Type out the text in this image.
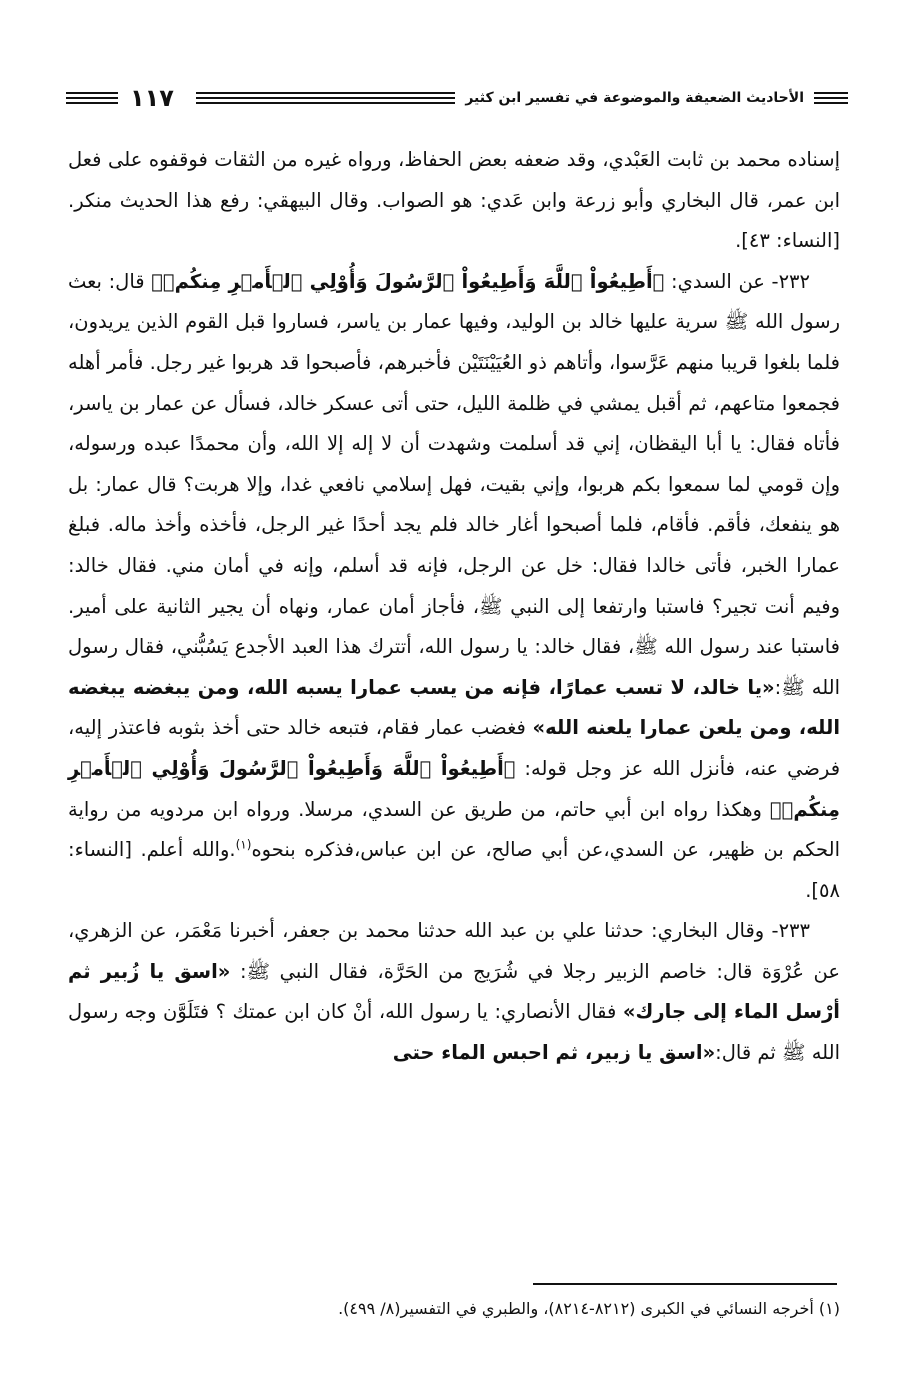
الأحاديث الضعيفة والموضوعة في تفسير ابن كثير
١١٧

إسناده محمد بن ثابت العَبْدي، وقد ضعفه بعض الحفاظ، ورواه غيره من الثقات فوقفوه على فعل ابن عمر، قال البخاري وأبو زرعة وابن عَدي: هو الصواب. وقال البيهقي: رفع هذا الحديث منكر. [النساء: ٤٣].

٢٣٢- عن السدي: ﴿أَطِيعُواْ ٱللَّهَ وَأَطِيعُواْ ٱلرَّسُولَ وَأُوْلِي ٱلۡأَمۡرِ مِنكُمۡ﴾ قال: بعث رسول الله ﷺ سرية عليها خالد بن الوليد، وفيها عمار بن ياسر، فساروا قبل القوم الذين يريدون، فلما بلغوا قريبا منهم عَرَّسوا، وأتاهم ذو العُيَيْنَتَيْن فأخبرهم، فأصبحوا قد هربوا غير رجل. فأمر أهله فجمعوا متاعهم، ثم أقبل يمشي في ظلمة الليل، حتى أتى عسكر خالد، فسأل عن عمار بن ياسر، فأتاه فقال: يا أبا اليقظان، إني قد أسلمت وشهدت أن لا إله إلا الله، وأن محمدًا عبده ورسوله، وإن قومي لما سمعوا بكم هربوا، وإني بقيت، فهل إسلامي نافعي غدا، وإلا هربت؟ قال عمار: بل هو ينفعك، فأقم. فأقام، فلما أصبحوا أغار خالد فلم يجد أحدًا غير الرجل، فأخذه وأخذ ماله. فبلغ عمارا الخبر، فأتى خالدا فقال: خل عن الرجل، فإنه قد أسلم، وإنه في أمان مني. فقال خالد: وفيم أنت تجير؟ فاستبا وارتفعا إلى النبي ﷺ، فأجاز أمان عمار، ونهاه أن يجير الثانية على أمير. فاستبا عند رسول الله ﷺ، فقال خالد: يا رسول الله، أتترك هذا العبد الأجدع يَسُبُّني، فقال رسول الله ﷺ:«يا خالد، لا تسب عمارًا، فإنه من يسب عمارا يسبه الله، ومن يبغضه يبغضه الله، ومن يلعن عمارا يلعنه الله» فغضب عمار فقام، فتبعه خالد حتى أخذ بثوبه فاعتذر إليه، فرضي عنه، فأنزل الله عز وجل قوله: ﴿أَطِيعُواْ ٱللَّهَ وَأَطِيعُواْ ٱلرَّسُولَ وَأُوْلِي ٱلۡأَمۡرِ مِنكُمۡ﴾ وهكذا رواه ابن أبي حاتم، من طريق عن السدي، مرسلا. ورواه ابن مردويه من رواية الحكم بن ظهير، عن السدي،عن أبي صالح، عن ابن عباس،فذكره بنحوه$^{(١)}$.والله أعلم. [النساء: ٥٨].

٢٣٣- وقال البخاري: حدثنا علي بن عبد الله حدثنا محمد بن جعفر، أخبرنا مَعْمَر، عن الزهري، عن عُرْوَة قال: خاصم الزبير رجلا في شُرَيج من الحَرَّة، فقال النبي ﷺ: «اسق يا زُبير ثم أرْسل الماء إلى جارك» فقال الأنصاري: يا رسول الله، أنْ كان ابن عمتك ؟ فتَلَوَّن وجه رسول الله ﷺ ثم قال:«اسق يا زبير، ثم احبس الماء حتى

(١) أخرجه النسائي في الكبرى (٨٢١٢-٨٢١٤)، والطبري في التفسير(٨/ ٤٩٩).
